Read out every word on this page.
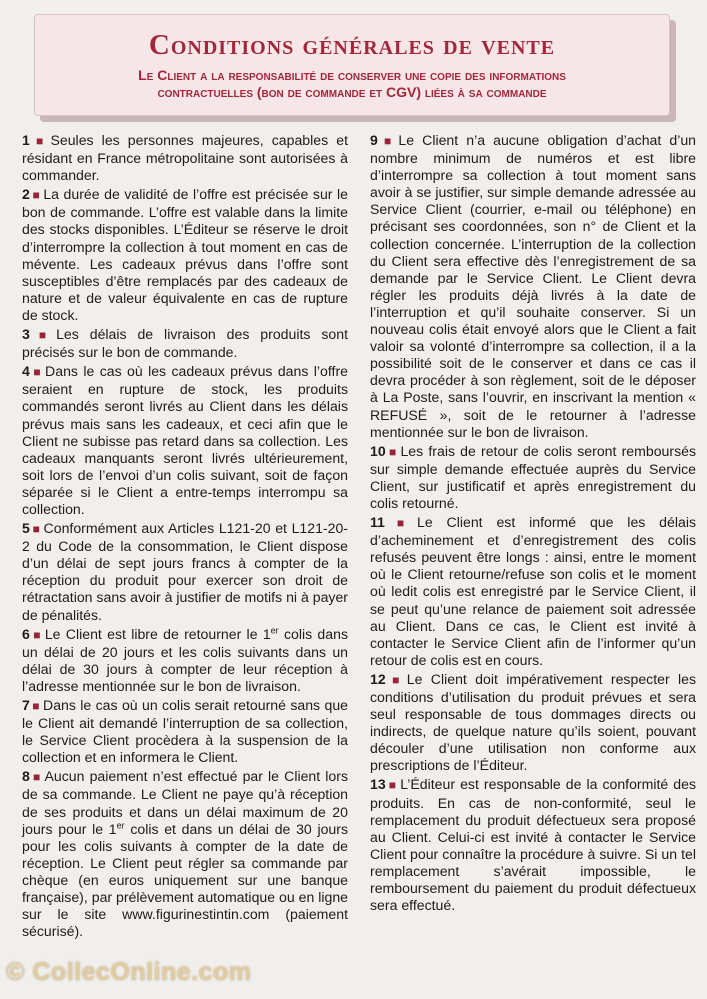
Conditions générales de vente
Le Client a la responsabilité de conserver une copie des informations
contractuelles (bon de commande et CGV) liées à sa commande

1 ■ Seules les personnes majeures, capables et résidant en France métropolitaine sont autorisées à commander.

2 ■ La durée de validité de l’offre est précisée sur le bon de commande. L’offre est valable dans la limite des stocks disponibles. L’Éditeur se réserve le droit d’interrompre la collection à tout moment en cas de mévente. Les cadeaux prévus dans l’offre sont susceptibles d’être remplacés par des cadeaux de nature et de valeur équivalente en cas de rupture de stock.

3 ■ Les délais de livraison des produits sont précisés sur le bon de commande.

4 ■ Dans le cas où les cadeaux prévus dans l’offre seraient en rupture de stock, les produits commandés seront livrés au Client dans les délais prévus mais sans les cadeaux, et ceci afin que le Client ne subisse pas retard dans sa collection. Les cadeaux manquants seront livrés ultérieurement, soit lors de l’envoi d’un colis suivant, soit de façon séparée si le Client a entre-temps interrompu sa collection.

5 ■ Conformément aux Articles L121-20 et L121-20-2 du Code de la consommation, le Client dispose d’un délai de sept jours francs à compter de la réception du produit pour exercer son droit de rétractation sans avoir à justifier de motifs ni à payer de pénalités.

6 ■ Le Client est libre de retourner le 1er colis dans un délai de 20 jours et les colis suivants dans un délai de 30 jours à compter de leur réception à l’adresse mentionnée sur le bon de livraison.

7 ■ Dans le cas où un colis serait retourné sans que le Client ait demandé l’interruption de sa collection, le Service Client procèdera à la suspension de la collection et en informera le Client.

8 ■ Aucun paiement n’est effectué par le Client lors de sa commande. Le Client ne paye qu’à réception de ses produits et dans un délai maximum de 20 jours pour le 1er colis et dans un délai de 30 jours pour les colis suivants à compter de la date de réception. Le Client peut régler sa commande par chèque (en euros uniquement sur une banque française), par prélèvement automatique ou en ligne sur le site www.figurinestintin.com (paiement sécurisé).

9 ■ Le Client n’a aucune obligation d’achat d’un nombre minimum de numéros et est libre d’interrompre sa collection à tout moment sans avoir à se justifier, sur simple demande adressée au Service Client (courrier, e-mail ou téléphone) en précisant ses coordonnées, son n° de Client et la collection concernée. L’interruption de la collection du Client sera effective dès l’enregistrement de sa demande par le Service Client. Le Client devra régler les produits déjà livrés à la date de l’interruption et qu’il souhaite conserver. Si un nouveau colis était envoyé alors que le Client a fait valoir sa volonté d’interrompre sa collection, il a la possibilité soit de le conserver et dans ce cas il devra procéder à son règlement, soit de le déposer à La Poste, sans l’ouvrir, en inscrivant la mention « REFUSÉ », soit de le retourner à l’adresse mentionnée sur le bon de livraison.

10 ■ Les frais de retour de colis seront remboursés sur simple demande effectuée auprès du Service Client, sur justificatif et après enregistrement du colis retourné.

11 ■ Le Client est informé que les délais d’acheminement et d’enregistrement des colis refusés peuvent être longs : ainsi, entre le moment où le Client retourne/refuse son colis et le moment où ledit colis est enregistré par le Service Client, il se peut qu’une relance de paiement soit adressée au Client. Dans ce cas, le Client est invité à contacter le Service Client afin de l’informer qu’un retour de colis est en cours.

12 ■ Le Client doit impérativement respecter les conditions d’utilisation du produit prévues et sera seul responsable de tous dommages directs ou indirects, de quelque nature qu’ils soient, pouvant découler d’une utilisation non conforme aux prescriptions de l’Éditeur.

13 ■ L’Éditeur est responsable de la conformité des produits. En cas de non-conformité, seul le remplacement du produit défectueux sera proposé au Client. Celui-ci est invité à contacter le Service Client pour connaître la procédure à suivre. Si un tel remplacement s’avérait impossible, le remboursement du paiement du produit défectueux sera effectué.

© CollecOnline.com
